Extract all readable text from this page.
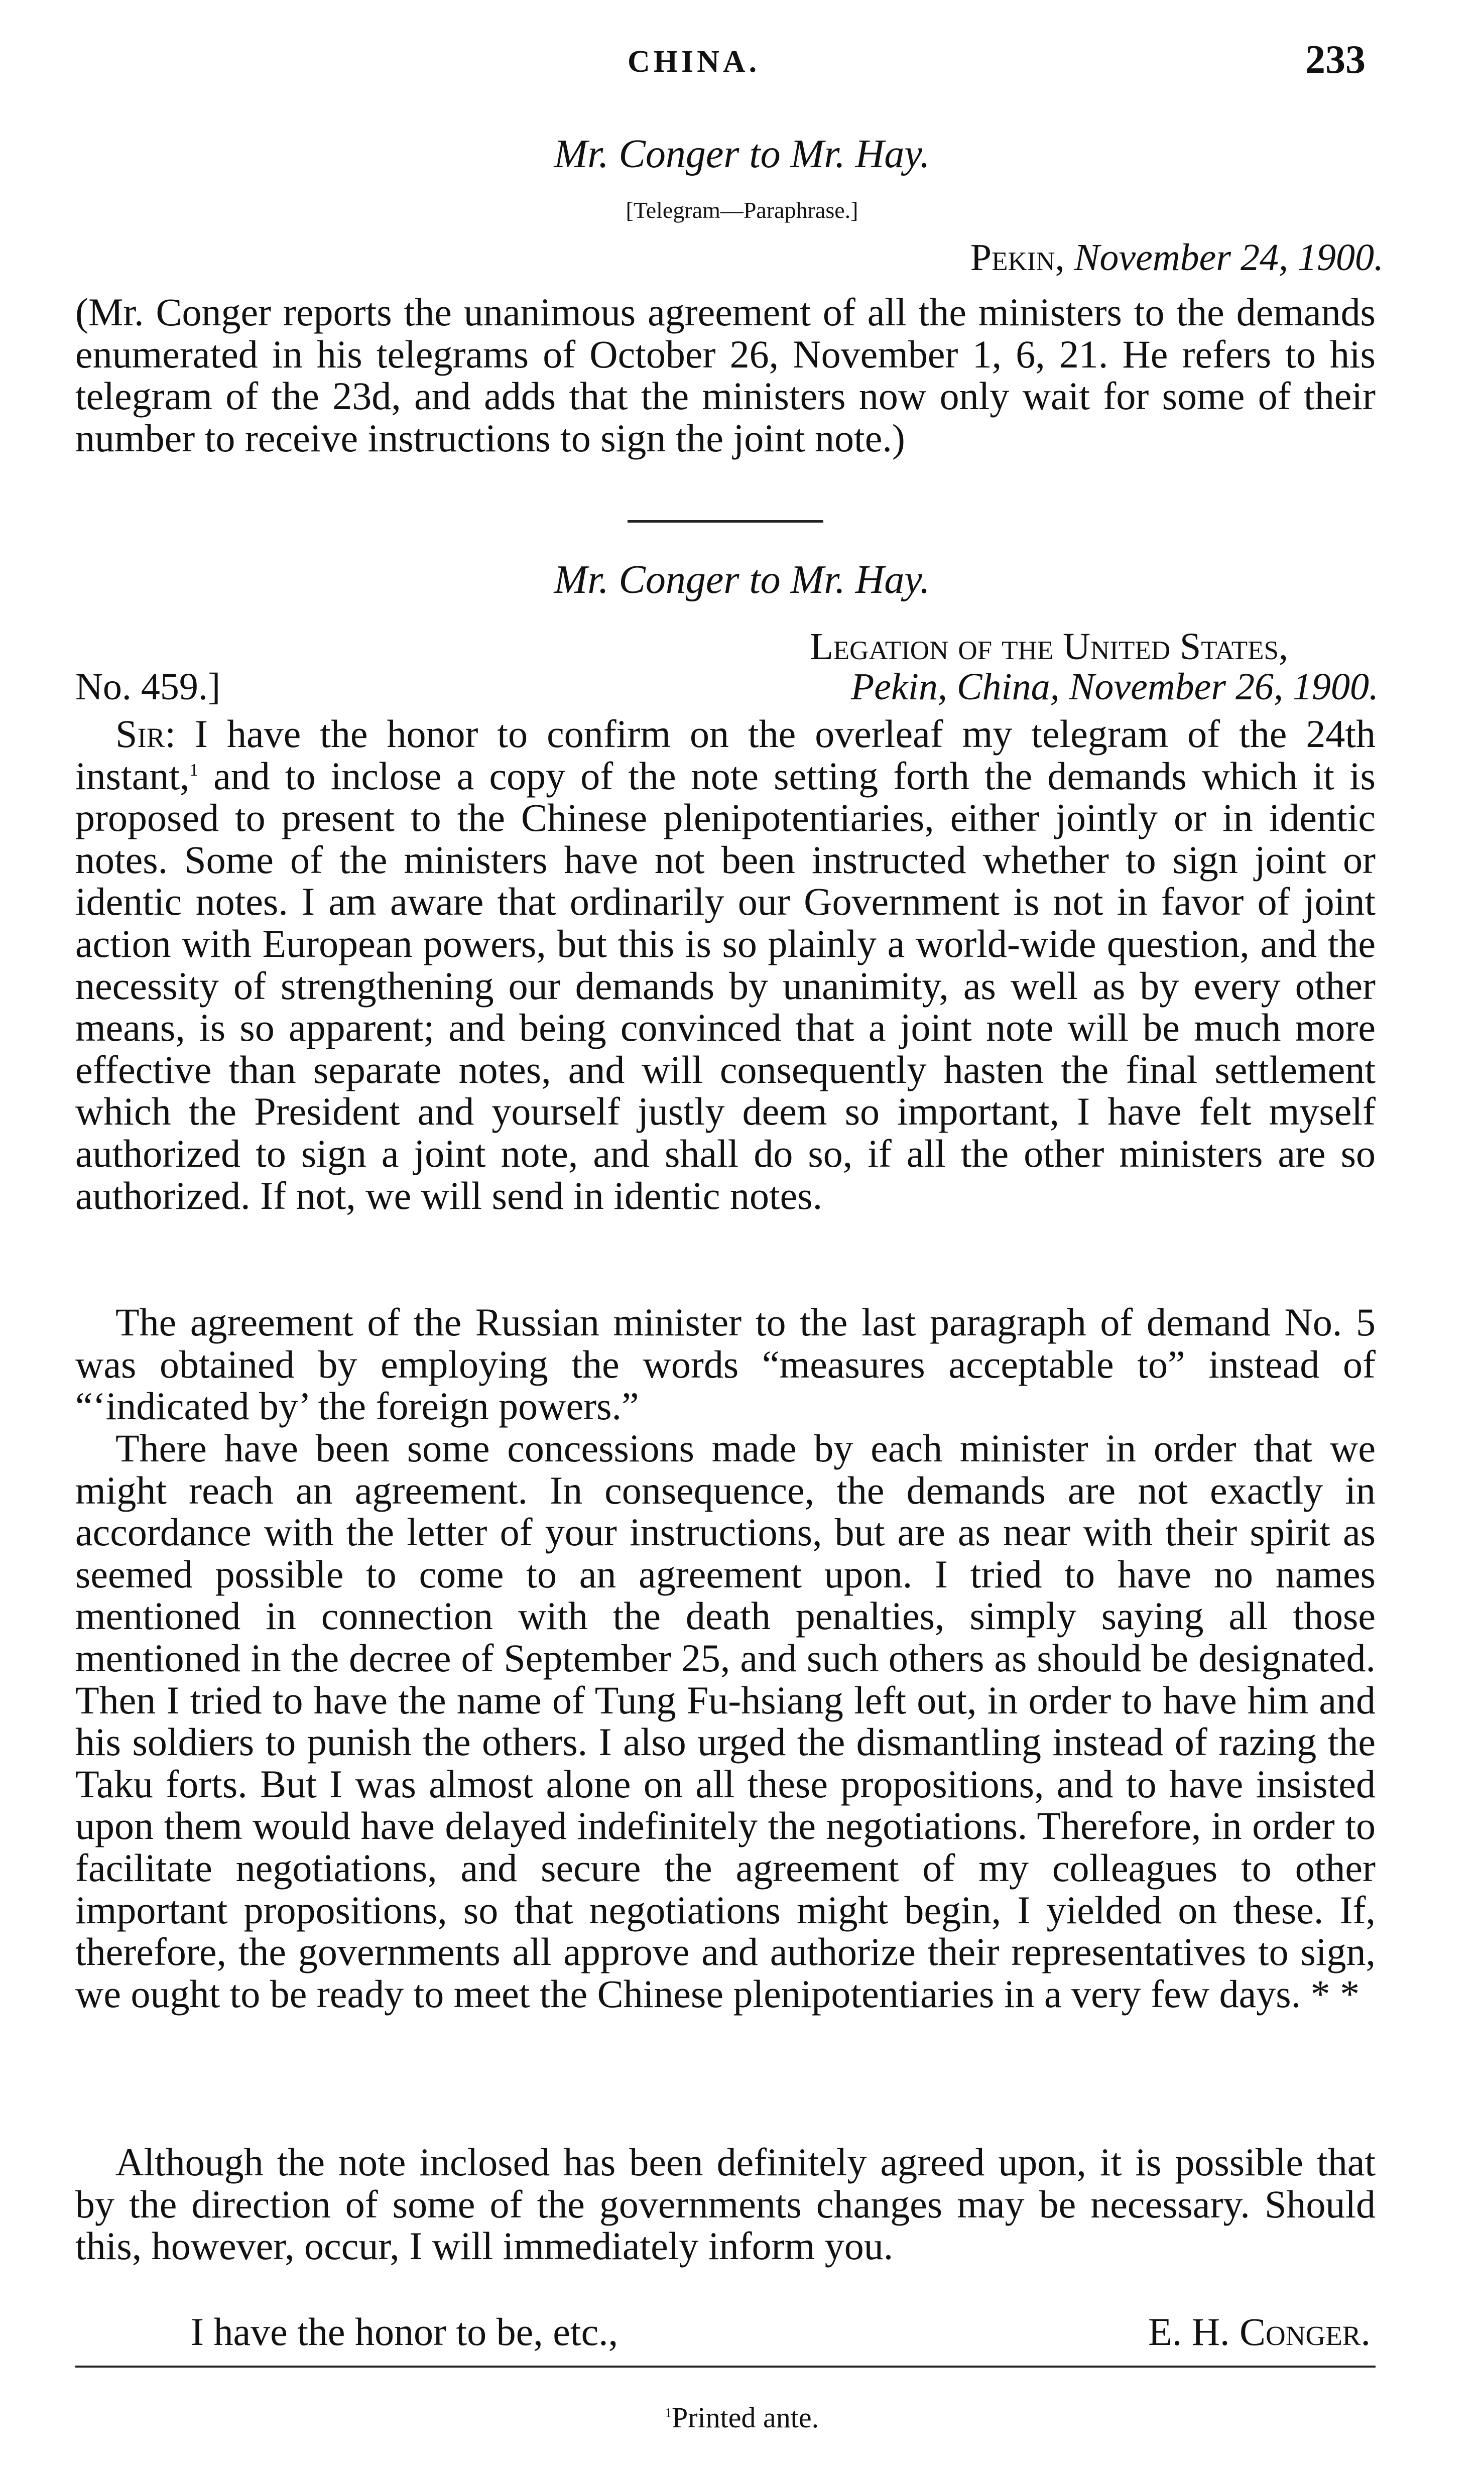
CHINA.	233
Mr. Conger to Mr. Hay.
[Telegram—Paraphrase.]
Pekin, November 24, 1900.

(Mr. Conger reports the unanimous agreement of all the ministers to the demands enumerated in his telegrams of October 26, November 1, 6, 21. He refers to his telegram of the 23d, and adds that the ministers now only wait for some of their number to receive instructions to sign the joint note.)

Mr. Conger to Mr. Hay.
Legation of the United States,
No. 459.]	Pekin, China, November 26, 1900.

Sir: I have the honor to confirm on the overleaf my telegram of the 24th instant,$^1$ and to inclose a copy of the note setting forth the demands which it is proposed to present to the Chinese plenipotentiaries, either jointly or in identic notes. Some of the ministers have not been instructed whether to sign joint or identic notes. I am aware that ordinarily our Government is not in favor of joint action with European powers, but this is so plainly a world-wide question, and the necessity of strengthening our demands by unanimity, as well as by every other means, is so apparent; and being convinced that a joint note will be much more effective than separate notes, and will consequently hasten the final settlement which the President and yourself justly deem so important, I have felt myself authorized to sign a joint note, and shall do so, if all the other ministers are so authorized. If not, we will send in identic notes.

The agreement of the Russian minister to the last paragraph of demand No. 5 was obtained by employing the words “measures acceptable to” instead of “‘indicated by’ the foreign powers.”

There have been some concessions made by each minister in order that we might reach an agreement. In consequence, the demands are not exactly in accordance with the letter of your instructions, but are as near with their spirit as seemed possible to come to an agreement upon. I tried to have no names mentioned in connection with the death penalties, simply saying all those mentioned in the decree of September 25, and such others as should be designated. Then I tried to have the name of Tung Fu-hsiang left out, in order to have him and his soldiers to punish the others. I also urged the dismantling instead of razing the Taku forts. But I was almost alone on all these propositions, and to have insisted upon them would have delayed indefinitely the negotiations. Therefore, in order to facilitate negotiations, and secure the agreement of my colleagues to other important propositions, so that negotiations might begin, I yielded on these. If, therefore, the governments all approve and authorize their representatives to sign, we ought to be ready to meet the Chinese plenipotentiaries in a very few days. * *

Although the note inclosed has been definitely agreed upon, it is possible that by the direction of some of the governments changes may be necessary. Should this, however, occur, I will immediately inform you.

I have the honor to be, etc.,	E. H. Conger.
$^1$Printed ante.
